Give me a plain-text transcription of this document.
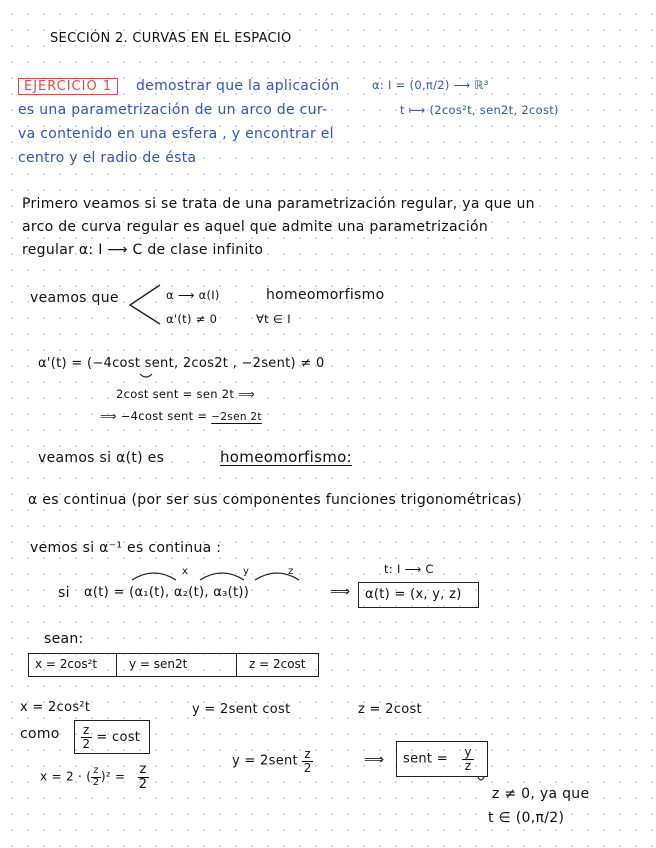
SECCIÓN 2. CURVAS EN EL ESPACIO
EJERCICIO 1	demostrar que la aplicación	α: I = (0,π/2) ⟶ ℝ³
es una parametrización de un arco de cur-	t ⟼ (2cos²t, sen2t, 2cost)
va contenido en una esfera , y encontrar el
centro y el radio de ésta
Primero veamos si se trata de una parametrización regular, ya que un
arco de curva regular es aquel que admite una parametrización
regular α: I ⟶ C de clase infinito
veamos que	α ⟶ α(I)	homeomorfismo
α'(t) ≠ 0	∀t ∈ I
α'(t) = (−4cost sent, 2cos2t , −2sent) ≠ 0
2cost sent = sen 2t ⟹
⟹ −4cost sent = −2sen 2t
veamos si α(t) es	homeomorfismo:
α es continua (por ser sus componentes funciones trigonométricas)
vemos si α⁻¹ es continua :
t: I ⟶ C
x	y	z
si α(t) = (α₁(t), α₂(t), α₃(t))	⟹ α(t) = (x, y, z)
sean:
x = 2cos²t	y = sen2t	z = 2cost
x = 2cos²t	y = 2sent cost	z = 2cost
como $\frac{z}{2} = \cos t$
x = 2 · ( $\frac{z}{2} )^2 = \frac{z}{2}$
y = 2sent $\frac{z}{2}$	⟹ sent = $\frac{y}{z}$
z ≠ 0, ya que
t ∈ (0,π/2)
